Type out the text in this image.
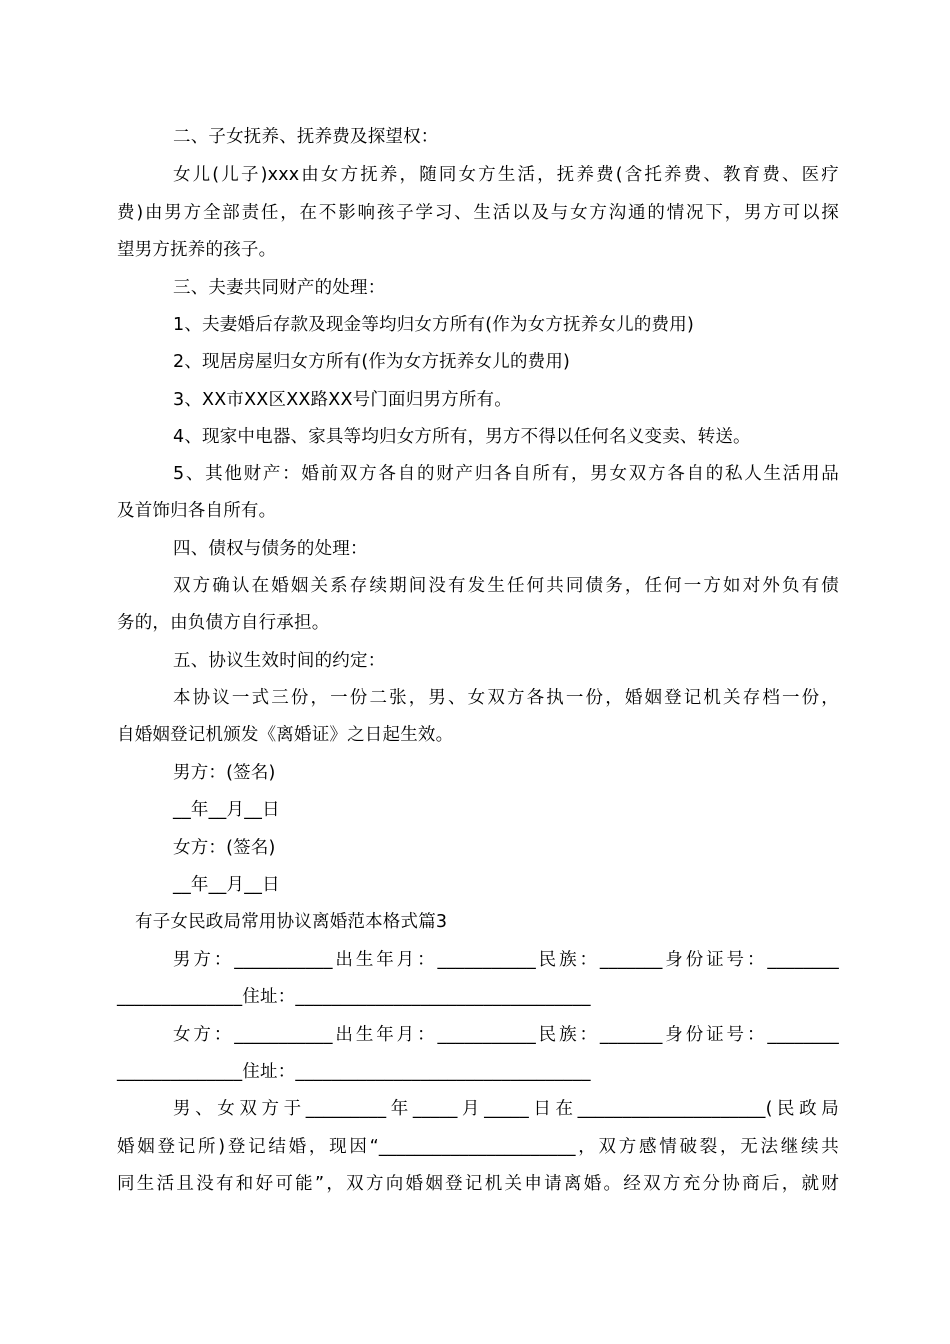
二、子女抚养、抚养费及探望权：
女儿(儿子)xxx由女方抚养，随同女方生活，抚养费(含托养费、教育费、医疗
费)由男方全部责任，在不影响孩子学习、生活以及与女方沟通的情况下，男方可以探
望男方抚养的孩子。
三、夫妻共同财产的处理：
1、夫妻婚后存款及现金等均归女方所有(作为女方抚养女儿的费用)
2、现居房屋归女方所有(作为女方抚养女儿的费用)
3、XX市XX区XX路XX号门面归男方所有。
4、现家中电器、家具等均归女方所有，男方不得以任何名义变卖、转送。
5、其他财产：婚前双方各自的财产归各自所有，男女双方各自的私人生活用品
及首饰归各自所有。
四、债权与债务的处理：
双方确认在婚姻关系存续期间没有发生任何共同债务，任何一方如对外负有债
务的，由负债方自行承担。
五、协议生效时间的约定：
本协议一式三份，一份二张，男、女双方各执一份，婚姻登记机关存档一份，
自婚姻登记机颁发《离婚证》之日起生效。
男方：(签名)
__年__月__日
女方：(签名)
__年__月__日
有子女民政局常用协议离婚范本格式篇3
男方：___________出生年月：___________民族：_______身份证号：________
______________住址：_________________________________
女方：___________出生年月：___________民族：_______身份证号：________
______________住址：_________________________________
男、女双方于_________年_____月_____日在_____________________(民政局
婚姻登记所)登记结婚，现因“______________________，双方感情破裂，无法继续共
同生活且没有和好可能”，双方向婚姻登记机关申请离婚。经双方充分协商后，就财
